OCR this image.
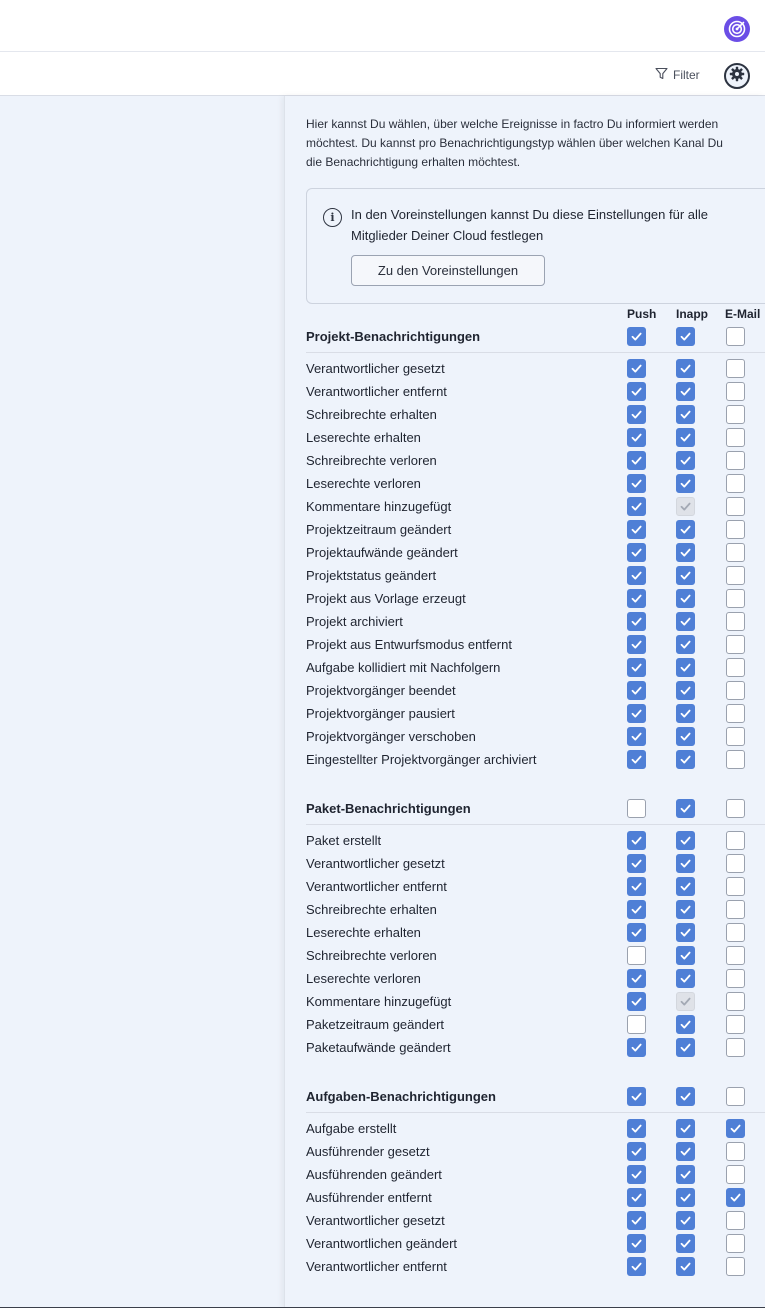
Filter

Hier kannst Du wählen, über welche Ereignisse in factro Du informiert werden möchtest. Du kannst pro Benachrichtigungstyp wählen über welchen Kanal Du die Benachrichtigung erhalten möchtest.

i	In den Voreinstellungen kannst Du diese Einstellungen für alle Mitglieder Deiner Cloud festlegen
Zu den Voreinstellungen
Push Inapp E-Mail
Projekt-Benachrichtigungen
Verantwortlicher gesetzt
Verantwortlicher entfernt
Schreibrechte erhalten
Leserechte erhalten
Schreibrechte verloren
Leserechte verloren
Kommentare hinzugefügt
Projektzeitraum geändert
Projektaufwände geändert
Projektstatus geändert
Projekt aus Vorlage erzeugt
Projekt archiviert
Projekt aus Entwurfsmodus entfernt
Aufgabe kollidiert mit Nachfolgern
Projektvorgänger beendet
Projektvorgänger pausiert
Projektvorgänger verschoben
Eingestellter Projektvorgänger archiviert
Paket-Benachrichtigungen
Paket erstellt
Verantwortlicher gesetzt
Verantwortlicher entfernt
Schreibrechte erhalten
Leserechte erhalten
Schreibrechte verloren
Leserechte verloren
Kommentare hinzugefügt
Paketzeitraum geändert
Paketaufwände geändert
Aufgaben-Benachrichtigungen
Aufgabe erstellt
Ausführender gesetzt
Ausführenden geändert
Ausführender entfernt
Verantwortlicher gesetzt
Verantwortlichen geändert
Verantwortlicher entfernt
